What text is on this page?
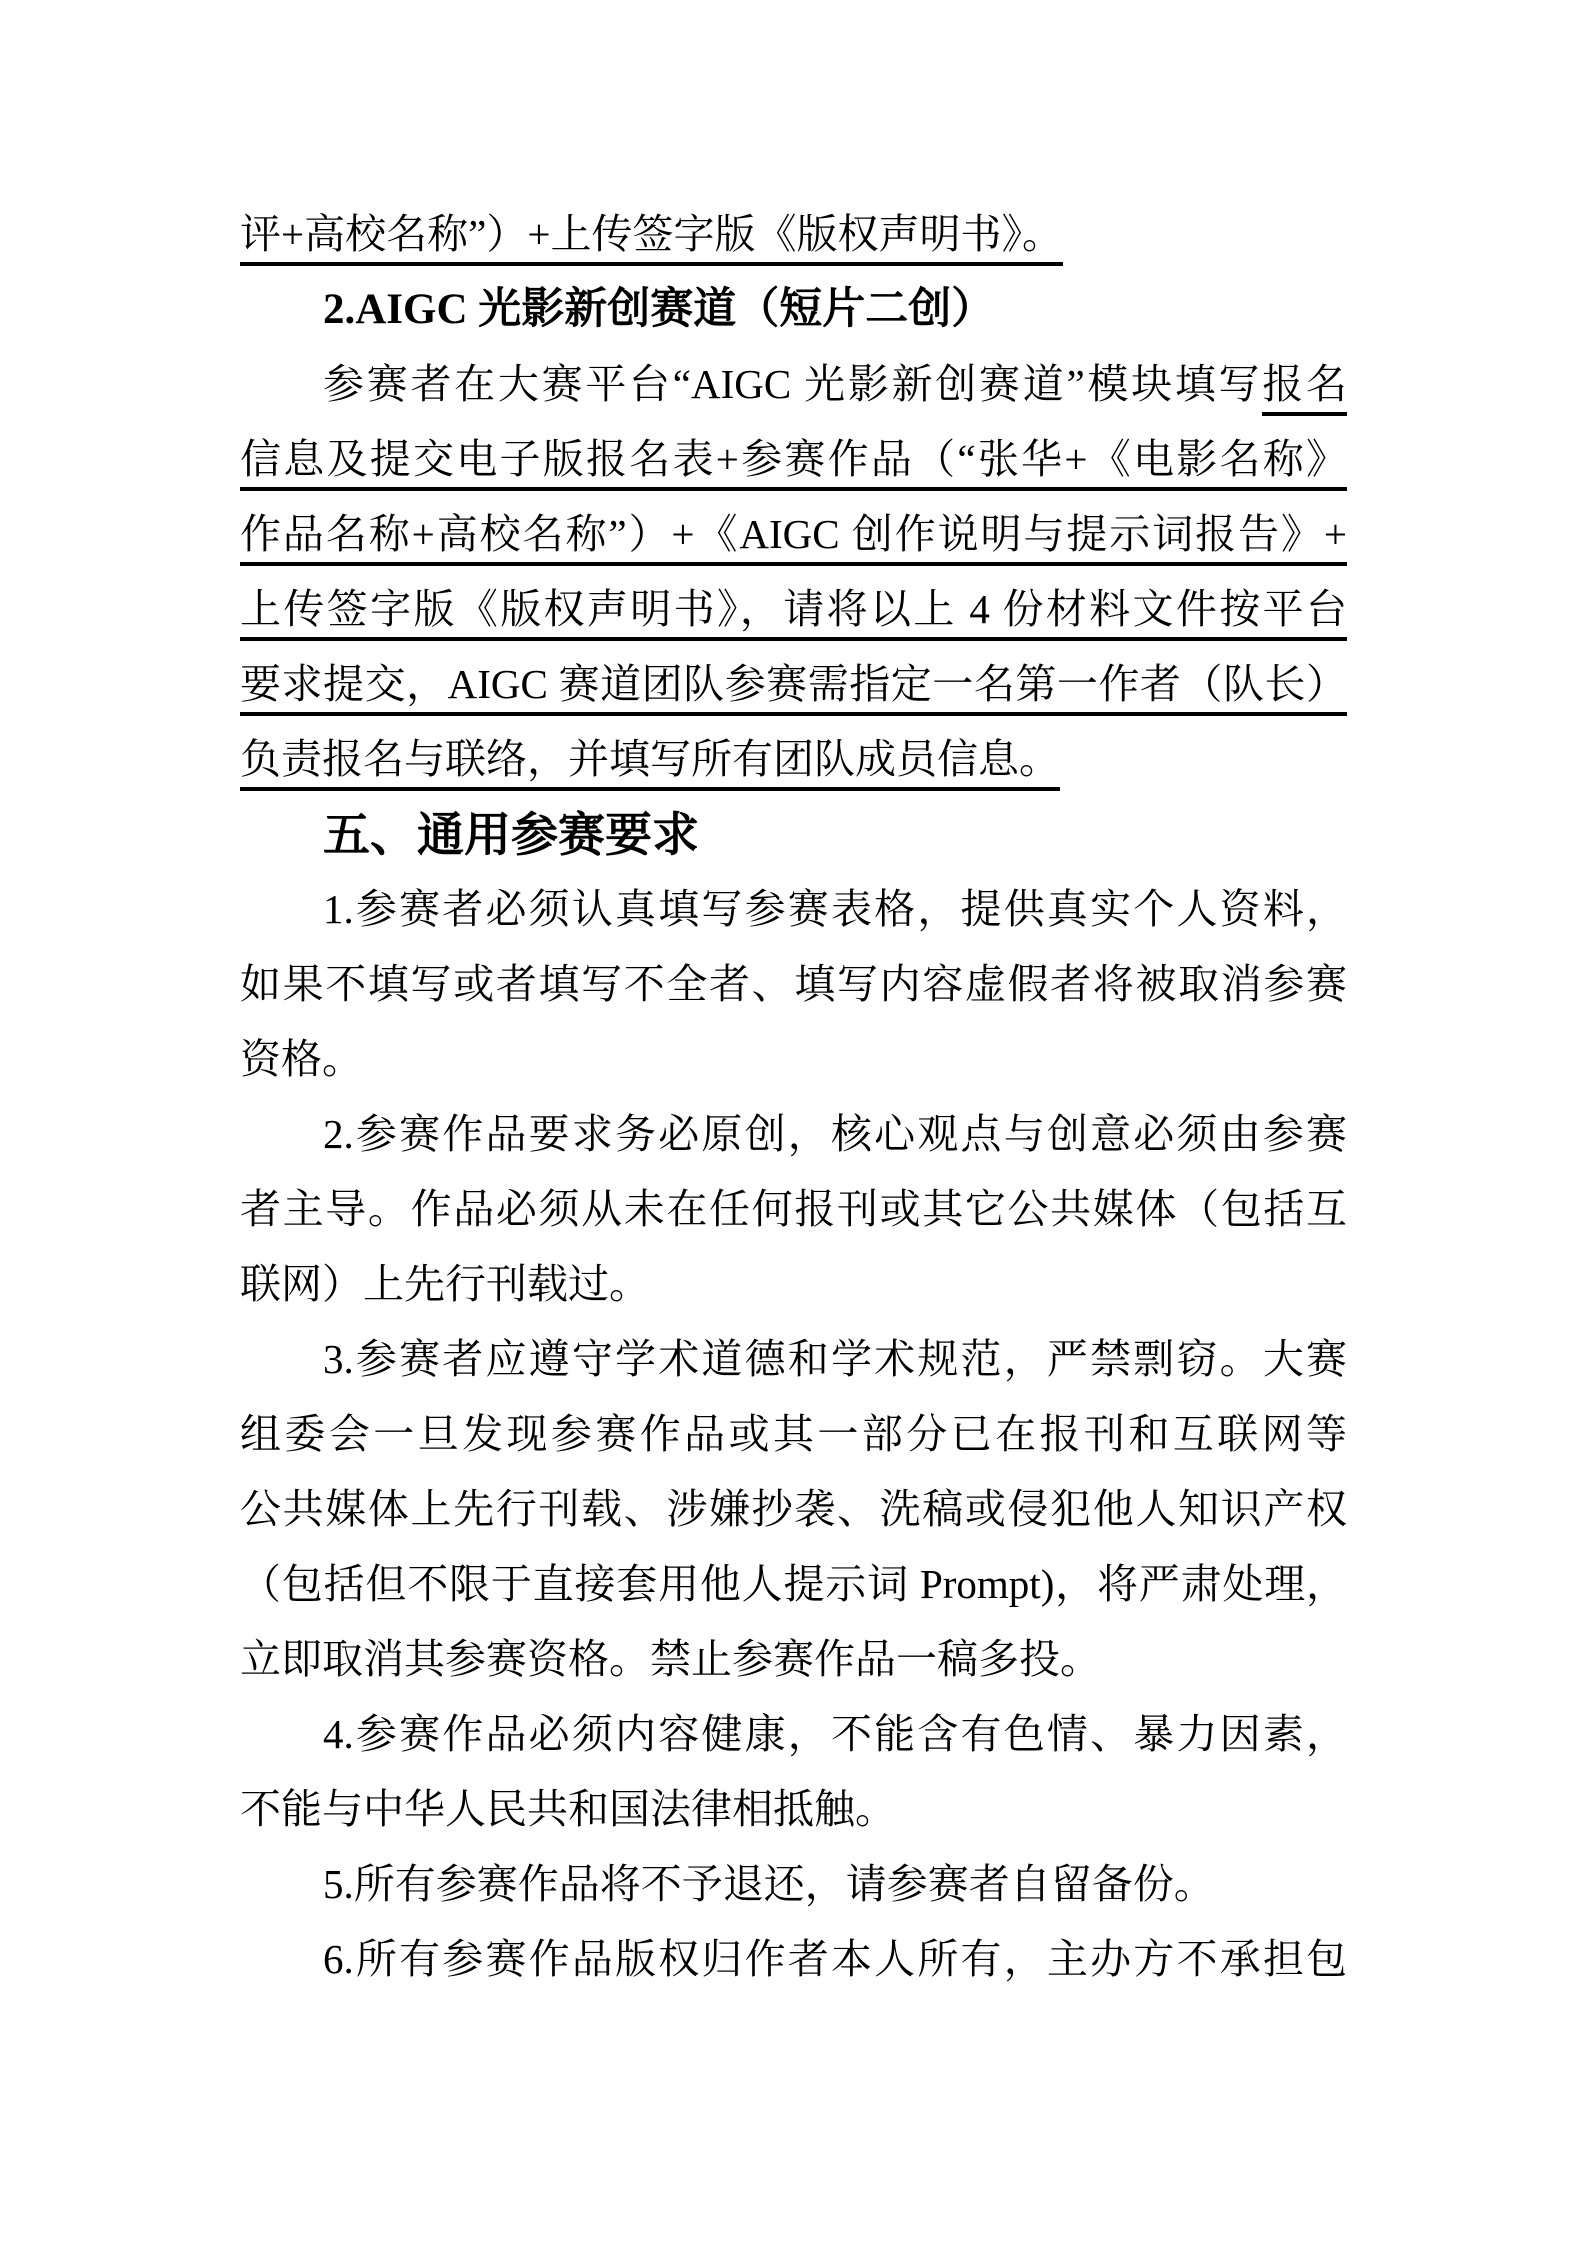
评+高校名称”）+上传签字版《版权声明书》。
2.AIGC 光影新创赛道（短片二创）
参赛者在大赛平台“AIGC 光影新创赛道”模块填写报名
信息及提交电子版报名表+参赛作品（“张华+《电影名称》
作品名称+高校名称”）+《AIGC 创作说明与提示词报告》+
上传签字版《版权声明书》，请将以上 4 份材料文件按平台
要求提交，AIGC 赛道团队参赛需指定一名第一作者（队长）
负责报名与联络，并填写所有团队成员信息。
五、通用参赛要求
1.参赛者必须认真填写参赛表格，提供真实个人资料，
如果不填写或者填写不全者、填写内容虚假者将被取消参赛
资格。
2.参赛作品要求务必原创，核心观点与创意必须由参赛
者主导。作品必须从未在任何报刊或其它公共媒体（包括互
联网）上先行刊载过。
3.参赛者应遵守学术道德和学术规范，严禁剽窃。大赛
组委会一旦发现参赛作品或其一部分已在报刊和互联网等
公共媒体上先行刊载、涉嫌抄袭、洗稿或侵犯他人知识产权
（包括但不限于直接套用他人提示词 Prompt)，将严肃处理，
立即取消其参赛资格。禁止参赛作品一稿多投。
4.参赛作品必须内容健康，不能含有色情、暴力因素，
不能与中华人民共和国法律相抵触。
5.所有参赛作品将不予退还，请参赛者自留备份。
6.所有参赛作品版权归作者本人所有，主办方不承担包
